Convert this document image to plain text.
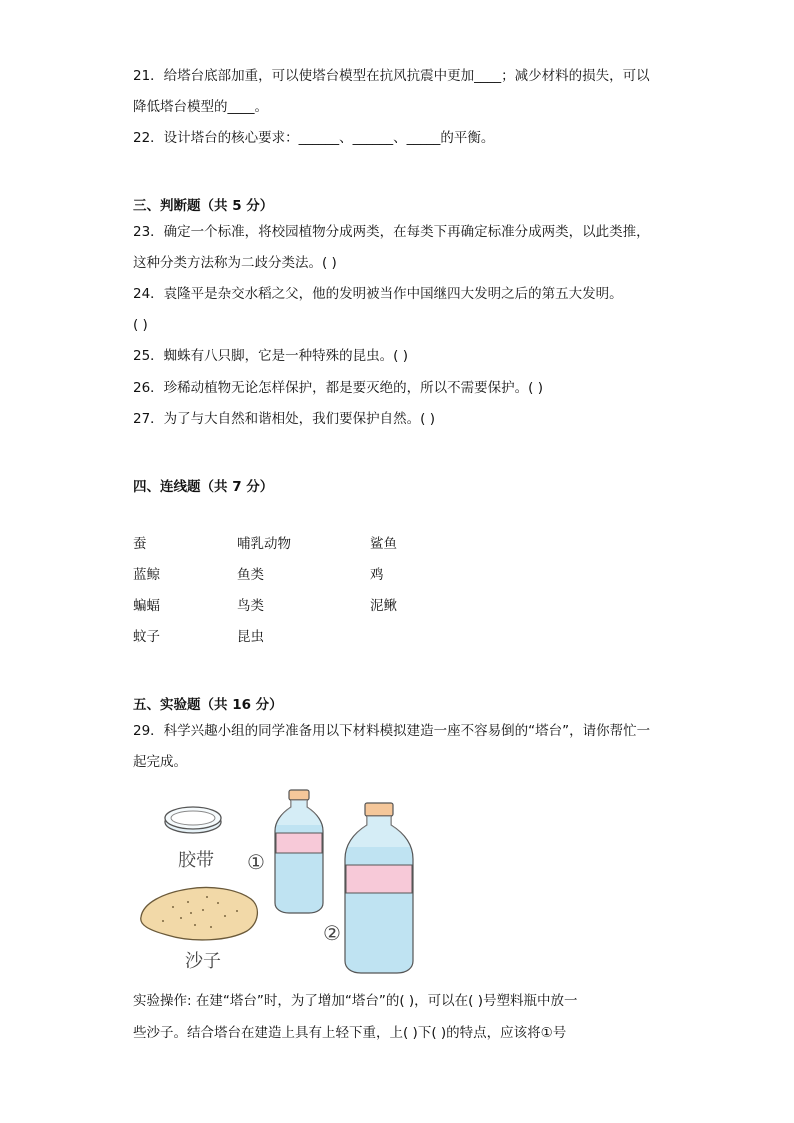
21．给塔台底部加重，可以使塔台模型在抗风抗震中更加____；减少材料的损失，可以
降低塔台模型的____。
22．设计塔台的核心要求：______、______、_____的平衡。
三、判断题（共 5 分）
23．确定一个标准，将校园植物分成两类，在每类下再确定标准分成两类，以此类推，
这种分类方法称为二歧分类法。( )
24．袁隆平是杂交水稻之父，他的发明被当作中国继四大发明之后的第五大发明。
( )
25．蜘蛛有八只脚，它是一种特殊的昆虫。( )
26．珍稀动植物无论怎样保护，都是要灭绝的，所以不需要保护。( )
27．为了与大自然和谐相处，我们要保护自然。( )
四、连线题（共 7 分）
蚕
蓝鲸
蝙蝠
蚊子
哺乳动物
鱼类
鸟类
昆虫
鲨鱼
鸡
泥鳅
五、实验题（共 16 分）
29．科学兴趣小组的同学准备用以下材料模拟建造一座不容易倒的“塔台”，请你帮忙一
起完成。
胶带
沙子
①
②
实验操作: 在建“塔台”时，为了增加“塔台”的( )，可以在( )号塑料瓶中放一
些沙子。结合塔台在建造上具有上轻下重，上( )下( )的特点，应该将①号
